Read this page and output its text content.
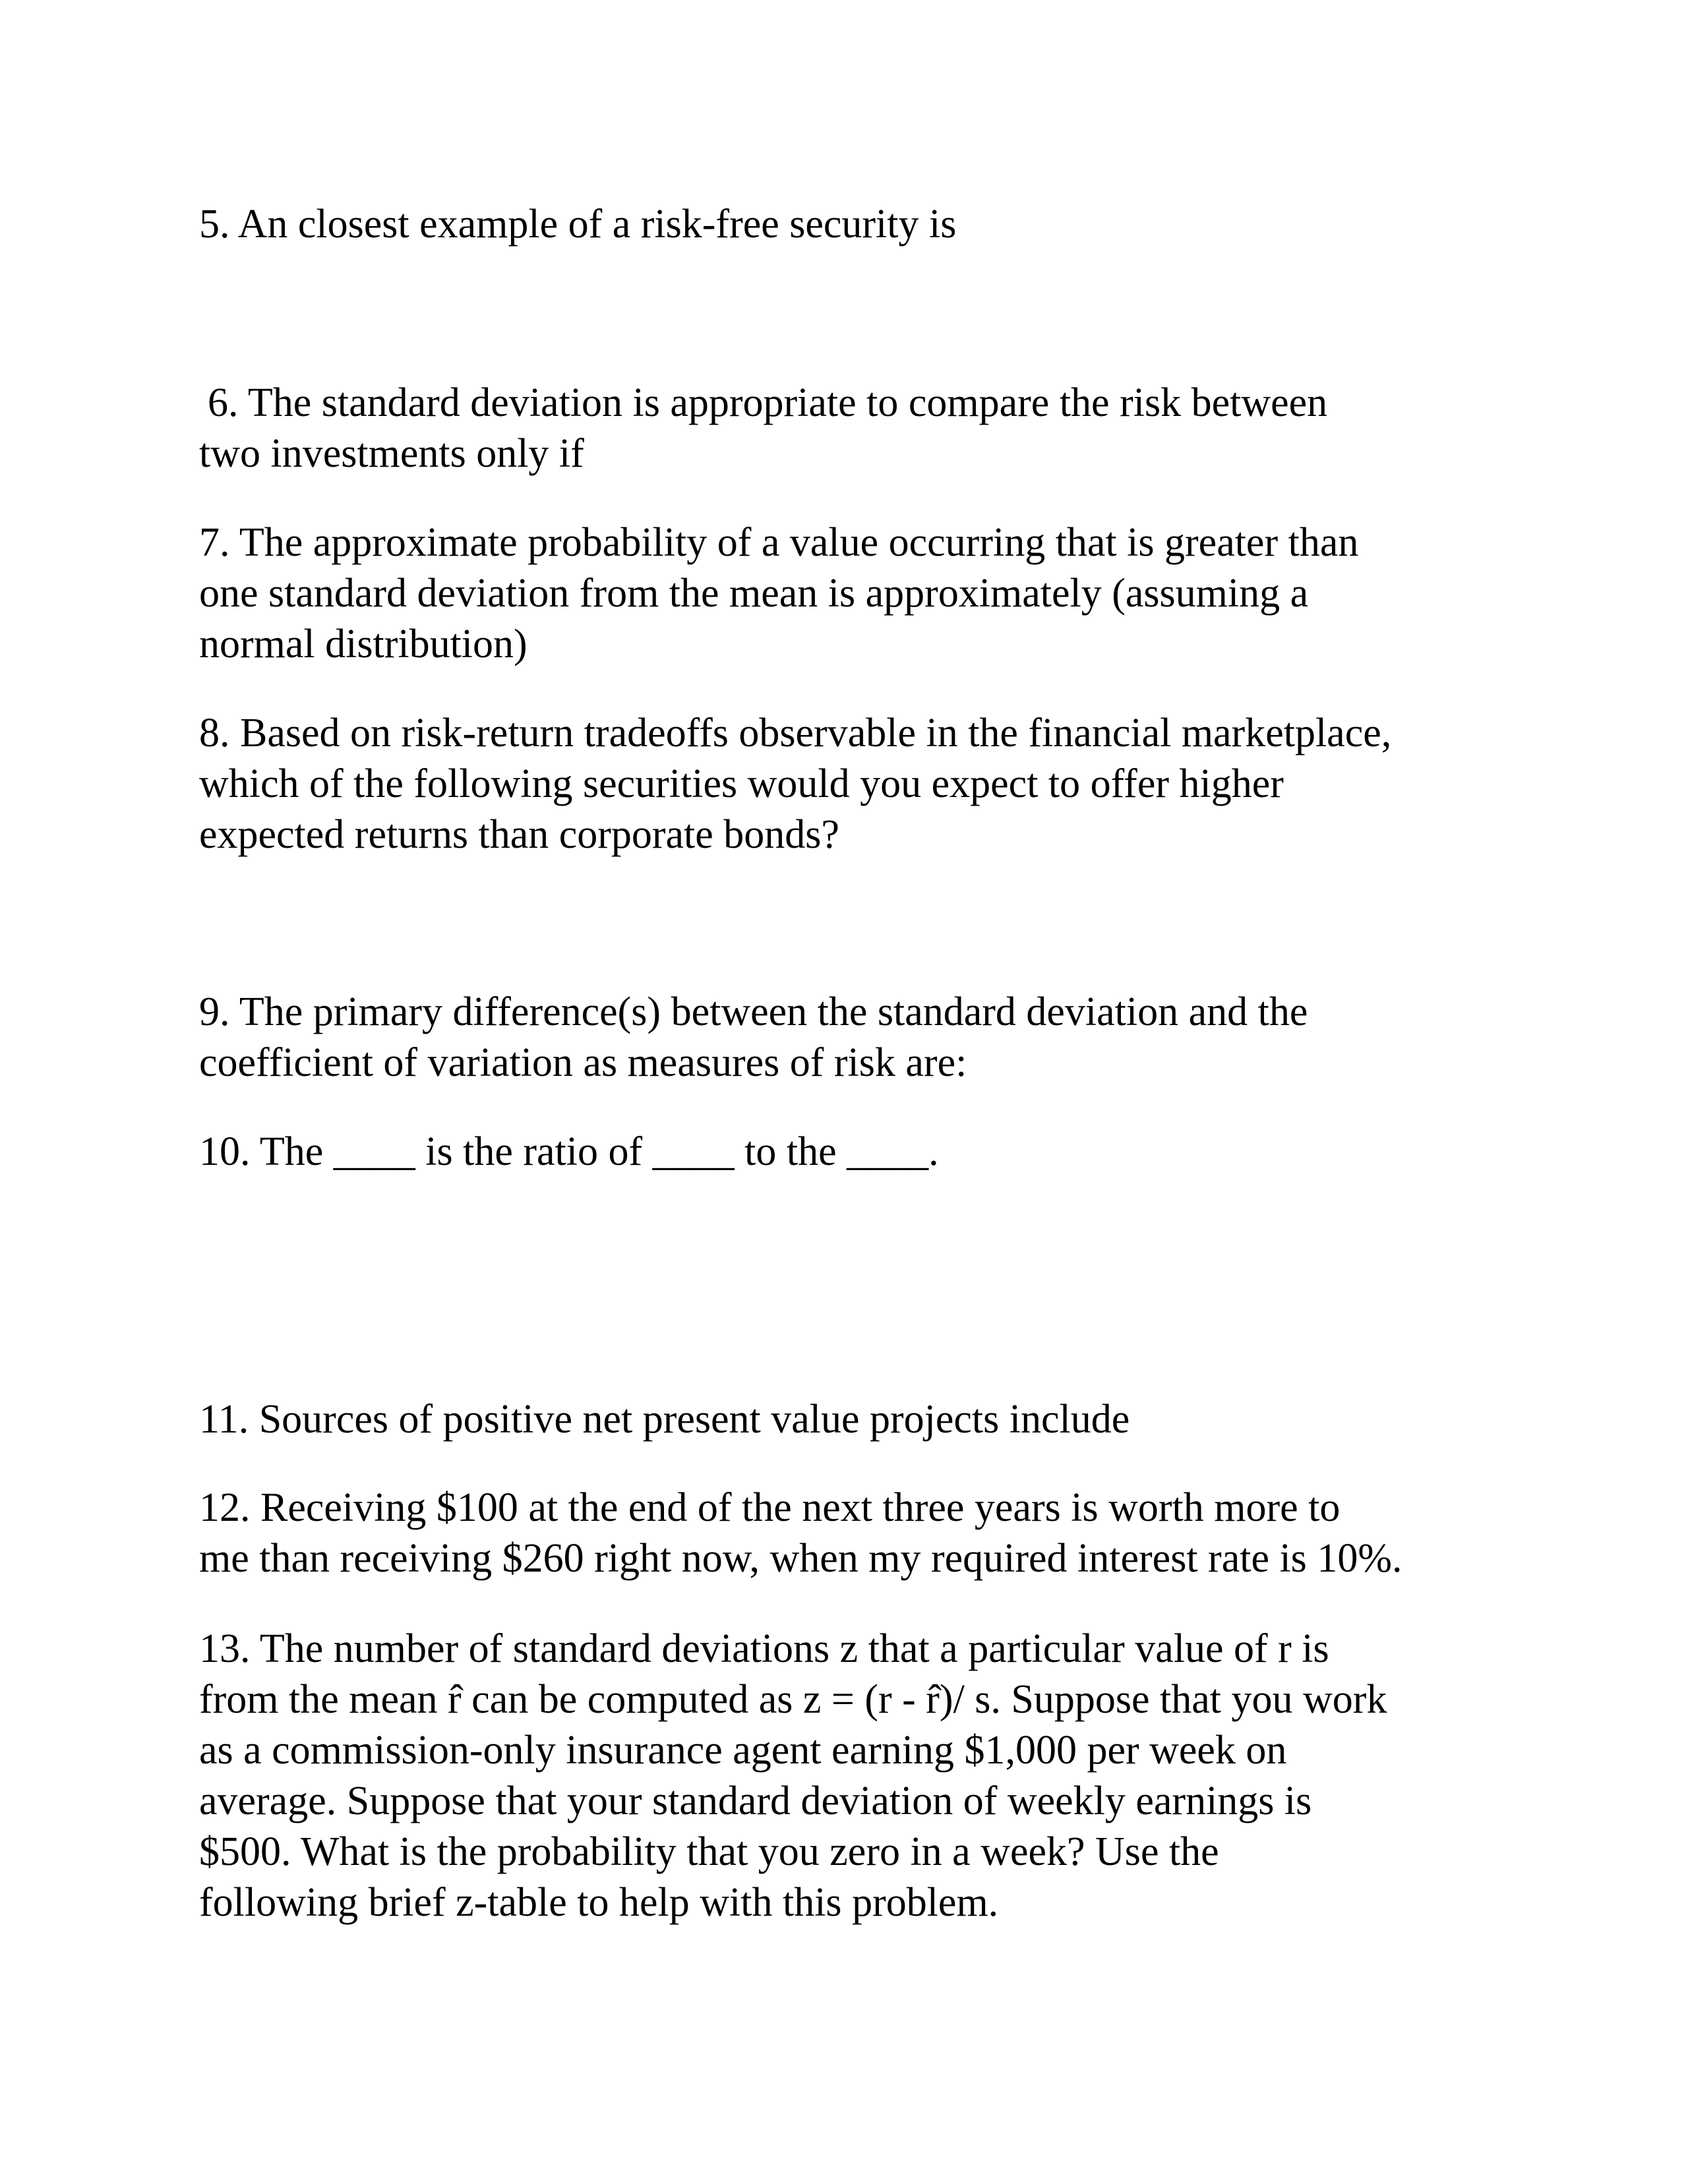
5. An closest example of a risk-free security is

6. The standard deviation is appropriate to compare the risk between
two investments only if

7. The approximate probability of a value occurring that is greater than
one standard deviation from the mean is approximately (assuming a
normal distribution)

8. Based on risk-return tradeoffs observable in the financial marketplace,
which of the following securities would you expect to offer higher
expected returns than corporate bonds?

9. The primary difference(s) between the standard deviation and the
coefficient of variation as measures of risk are:

10. The ____ is the ratio of ____ to the ____.

11. Sources of positive net present value projects include

12. Receiving $100 at the end of the next three years is worth more to
me than receiving $260 right now, when my required interest rate is 10%.

13. The number of standard deviations z that a particular value of r is
from the mean r̂ can be computed as z = (r - r̂)/ s. Suppose that you work
as a commission-only insurance agent earning $1,000 per week on
average. Suppose that your standard deviation of weekly earnings is
$500. What is the probability that you zero in a week? Use the
following brief z-table to help with this problem.
